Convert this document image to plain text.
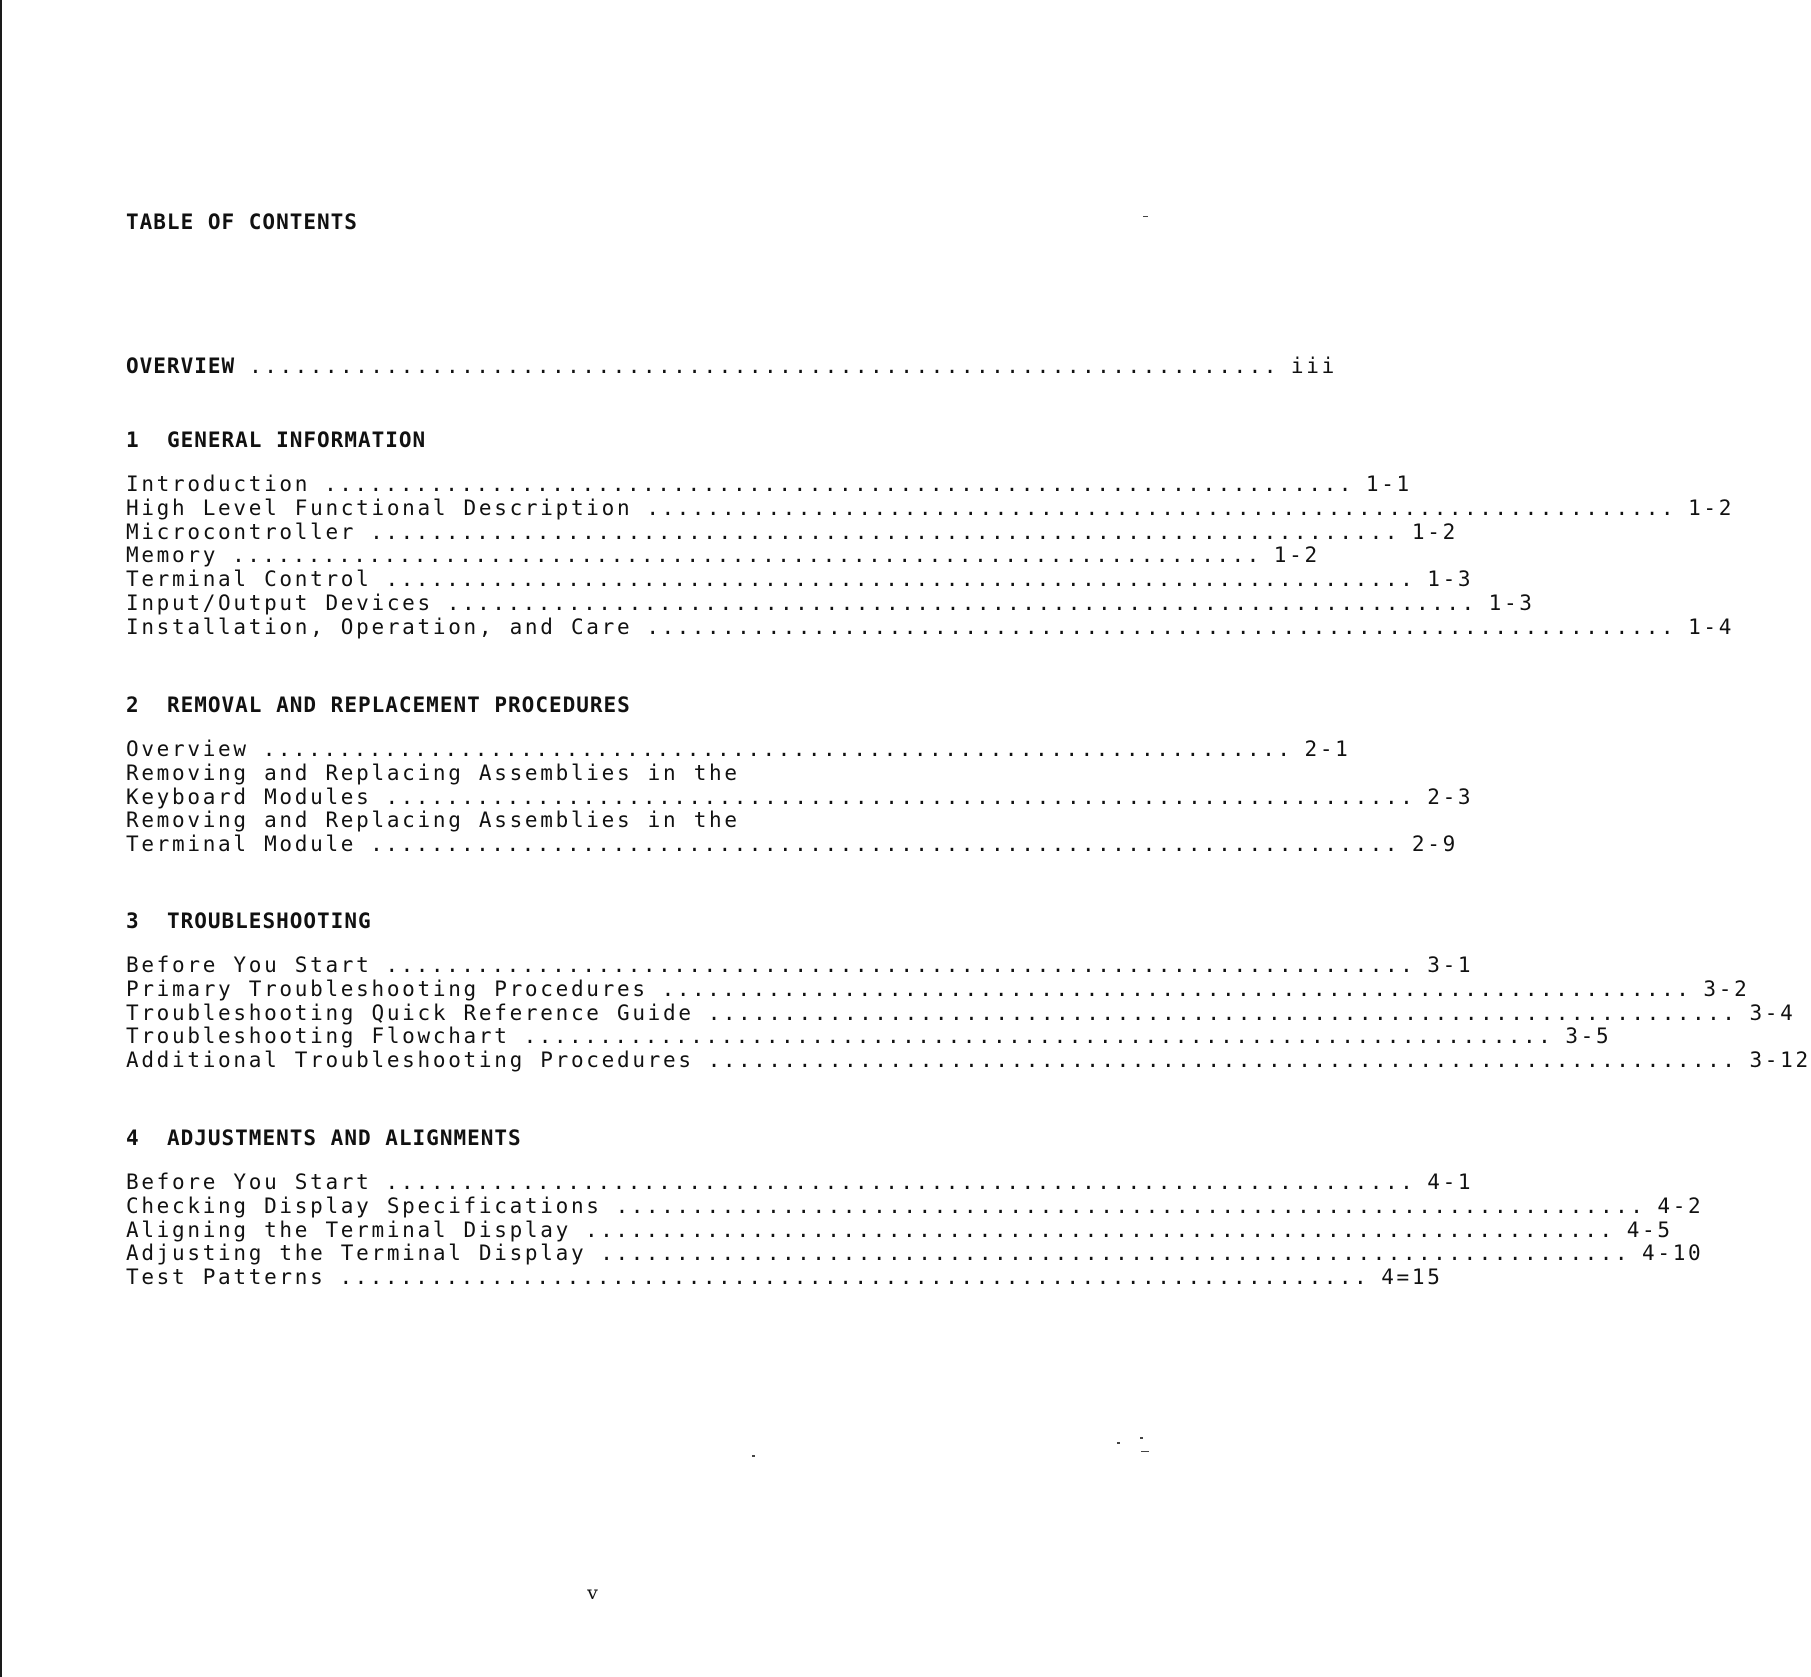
TABLE OF CONTENTS
OVERVIEW .................................................................... iii
1 GENERAL INFORMATION
Introduction .................................................................... 1-1
High Level Functional Description .................................................................... 1-2
Microcontroller .................................................................... 1-2
Memory .................................................................... 1-2
Terminal Control .................................................................... 1-3
Input/Output Devices .................................................................... 1-3
Installation, Operation, and Care .................................................................... 1-4
2 REMOVAL AND REPLACEMENT PROCEDURES
Overview .................................................................... 2-1
Removing and Replacing Assemblies in the
Keyboard Modules .................................................................... 2-3
Removing and Replacing Assemblies in the
Terminal Module .................................................................... 2-9
3 TROUBLESHOOTING
Before You Start .................................................................... 3-1
Primary Troubleshooting Procedures .................................................................... 3-2
Troubleshooting Quick Reference Guide .................................................................... 3-4
Troubleshooting Flowchart .................................................................... 3-5
Additional Troubleshooting Procedures .................................................................... 3-12
4 ADJUSTMENTS AND ALIGNMENTS
Before You Start .................................................................... 4-1
Checking Display Specifications .................................................................... 4-2
Aligning the Terminal Display .................................................................... 4-5
Adjusting the Terminal Display .................................................................... 4-10
Test Patterns .................................................................... 4=15
v
